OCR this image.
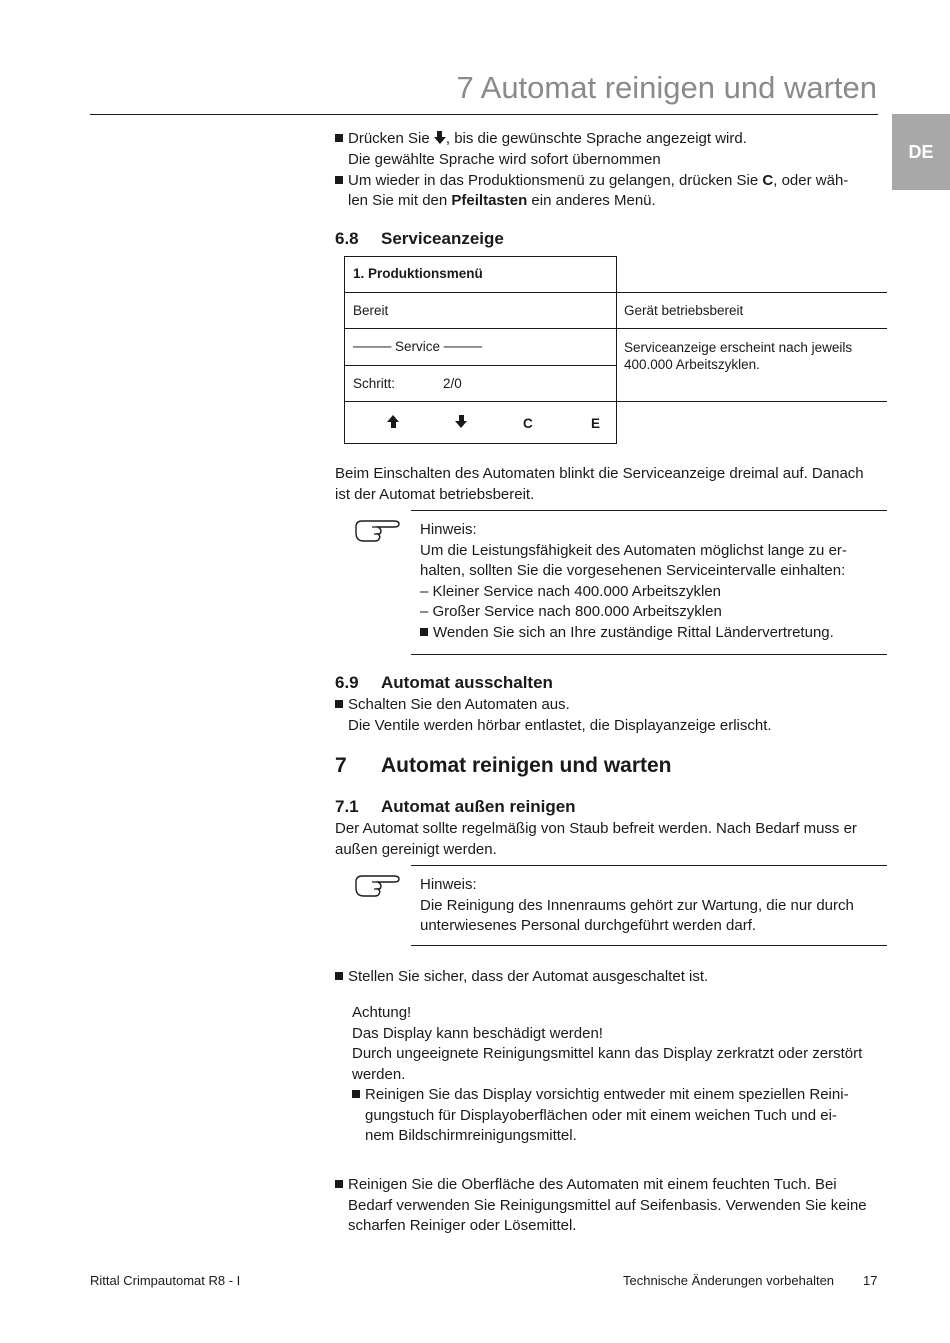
7 Automat reinigen und warten
DE
Drücken Sie , bis die gewünschte Sprache angezeigt wird.
Die gewählte Sprache wird sofort übernommen
Um wieder in das Produktionsmenü zu gelangen, drücken Sie C, oder wäh-
len Sie mit den Pfeiltasten ein anderes Menü.
6.8 Serviceanzeige
1. Produktionsmenü
Bereit	Gerät betriebsbereit
──── Service ────	Serviceanzeige erscheint nach jeweils
400.000 Arbeitszyklen.
Schritt:	2/0
C	E
Beim Einschalten des Automaten blinkt die Serviceanzeige dreimal auf. Danach
ist der Automat betriebsbereit.
Hinweis:
Um die Leistungsfähigkeit des Automaten möglichst lange zu er-
halten, sollten Sie die vorgesehenen Serviceintervalle einhalten:
– Kleiner Service nach 400.000 Arbeitszyklen
– Großer Service nach 800.000 Arbeitszyklen
Wenden Sie sich an Ihre zuständige Rittal Ländervertretung.
6.9 Automat ausschalten
Schalten Sie den Automaten aus.
Die Ventile werden hörbar entlastet, die Displayanzeige erlischt.
7 Automat reinigen und warten
7.1 Automat außen reinigen
Der Automat sollte regelmäßig von Staub befreit werden. Nach Bedarf muss er
außen gereinigt werden.
Hinweis:
Die Reinigung des Innenraums gehört zur Wartung, die nur durch
unterwiesenes Personal durchgeführt werden darf.
Stellen Sie sicher, dass der Automat ausgeschaltet ist.
Achtung!
Das Display kann beschädigt werden!
Durch ungeeignete Reinigungsmittel kann das Display zerkratzt oder zerstört
werden.
Reinigen Sie das Display vorsichtig entweder mit einem speziellen Reini-
gungstuch für Displayoberflächen oder mit einem weichen Tuch und ei-
nem Bildschirmreinigungsmittel.
Reinigen Sie die Oberfläche des Automaten mit einem feuchten Tuch. Bei
Bedarf verwenden Sie Reinigungsmittel auf Seifenbasis. Verwenden Sie keine
scharfen Reiniger oder Lösemittel.
Rittal Crimpautomat R8 - I	Technische Änderungen vorbehalten 17
